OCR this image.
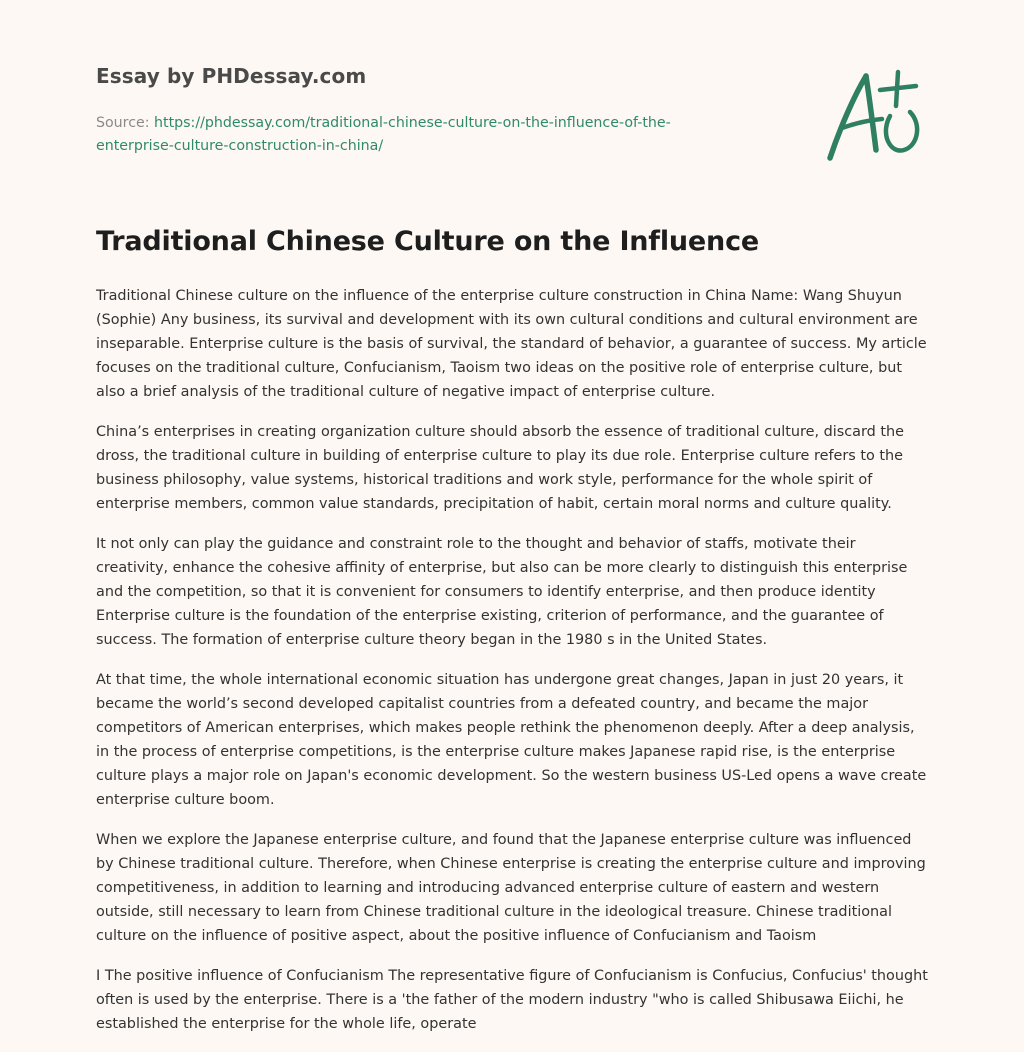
Essay by PHDessay.com
Source: https://phdessay.com/traditional-chinese-culture-on-the-influence-of-the-
enterprise-culture-construction-in-china/
Traditional Chinese Culture on the Influence

Traditional Chinese culture on the influence of the enterprise culture construction in China Name: Wang Shuyun (Sophie) Any business, its survival and development with its own cultural conditions and cultural environment are inseparable. Enterprise culture is the basis of survival, the standard of behavior, a guarantee of success. My article focuses on the traditional culture, Confucianism, Taoism two ideas on the positive role of enterprise culture, but also a brief analysis of the traditional culture of negative impact of enterprise culture.

China’s enterprises in creating organization culture should absorb the essence of traditional culture, discard the dross, the traditional culture in building of enterprise culture to play its due role. Enterprise culture refers to the business philosophy, value systems, historical traditions and work style, performance for the whole spirit of enterprise members, common value standards, precipitation of habit, certain moral norms and culture quality.

It not only can play the guidance and constraint role to the thought and behavior of staffs, motivate their creativity, enhance the cohesive affinity of enterprise, but also can be more clearly to distinguish this enterprise and the competition, so that it is convenient for consumers to identify enterprise, and then produce identity Enterprise culture is the foundation of the enterprise existing, criterion of performance, and the guarantee of success. The formation of enterprise culture theory began in the 1980 s in the United States.

At that time, the whole international economic situation has undergone great changes, Japan in just 20 years, it became the world’s second developed capitalist countries from a defeated country, and became the major competitors of American enterprises, which makes people rethink the phenomenon deeply. After a deep analysis, in the process of enterprise competitions, is the enterprise culture makes Japanese rapid rise, is the enterprise culture plays a major role on Japan's economic development. So the western business US-Led opens a wave create enterprise culture boom.

When we explore the Japanese enterprise culture, and found that the Japanese enterprise culture was influenced by Chinese traditional culture. Therefore, when Chinese enterprise is creating the enterprise culture and improving competitiveness, in addition to learning and introducing advanced enterprise culture of eastern and western outside, still necessary to learn from Chinese traditional culture in the ideological treasure. Chinese traditional culture on the influence of positive aspect, about the positive influence of Confucianism and Taoism

I The positive influence of Confucianism The representative figure of Confucianism is Confucius, Confucius' thought often is used by the enterprise. There is a 'the father of the modern industry "who is called Shibusawa Eiichi, he established the enterprise for the whole life, operate
